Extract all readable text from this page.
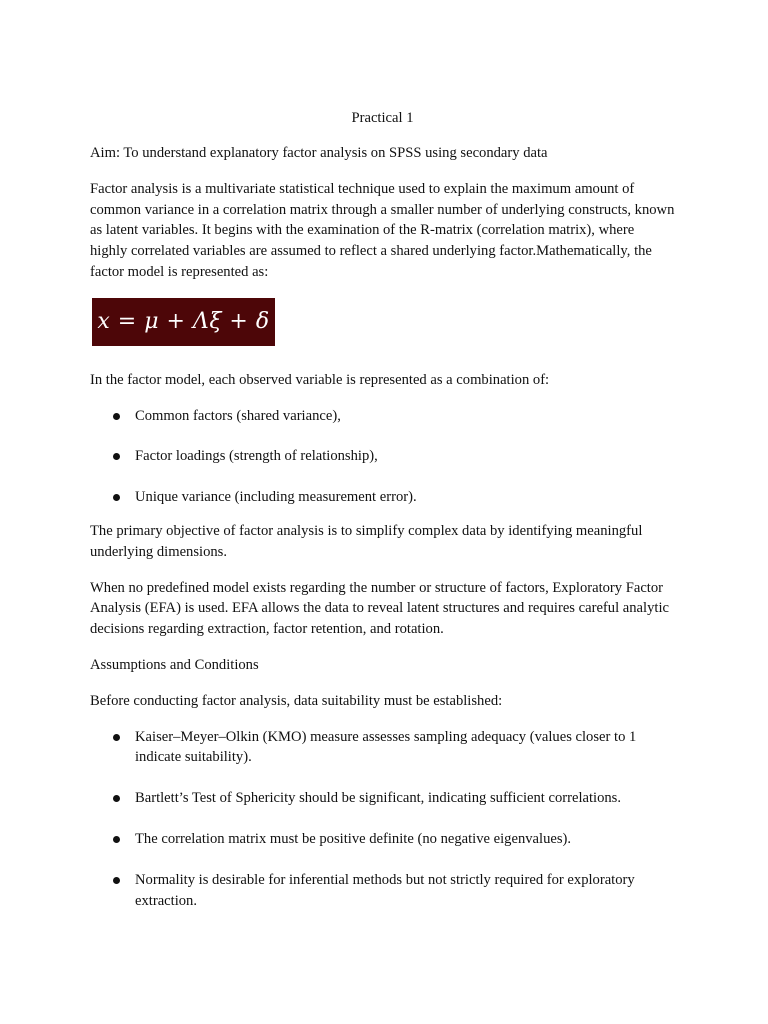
Practical 1

Aim: To understand explanatory factor analysis on SPSS using secondary data

Factor analysis is a multivariate statistical technique used to explain the maximum amount of common variance in a correlation matrix through a smaller number of underlying constructs, known as latent variables. It begins with the examination of the R-matrix (correlation matrix), where highly correlated variables are assumed to reflect a shared underlying factor.Mathematically, the factor model is represented as:

x = μ + Λξ + δ

In the factor model, each observed variable is represented as a combination of:

Common factors (shared variance),
Factor loadings (strength of relationship),
Unique variance (including measurement error).

The primary objective of factor analysis is to simplify complex data by identifying meaningful underlying dimensions.

When no predefined model exists regarding the number or structure of factors, Exploratory Factor Analysis (EFA) is used. EFA allows the data to reveal latent structures and requires careful analytic decisions regarding extraction, factor retention, and rotation.

Assumptions and Conditions

Before conducting factor analysis, data suitability must be established:

Kaiser–Meyer–Olkin (KMO) measure assesses sampling adequacy (values closer to 1 indicate suitability).
Bartlett’s Test of Sphericity should be significant, indicating sufficient correlations.
The correlation matrix must be positive definite (no negative eigenvalues).
Normality is desirable for inferential methods but not strictly required for exploratory extraction.
